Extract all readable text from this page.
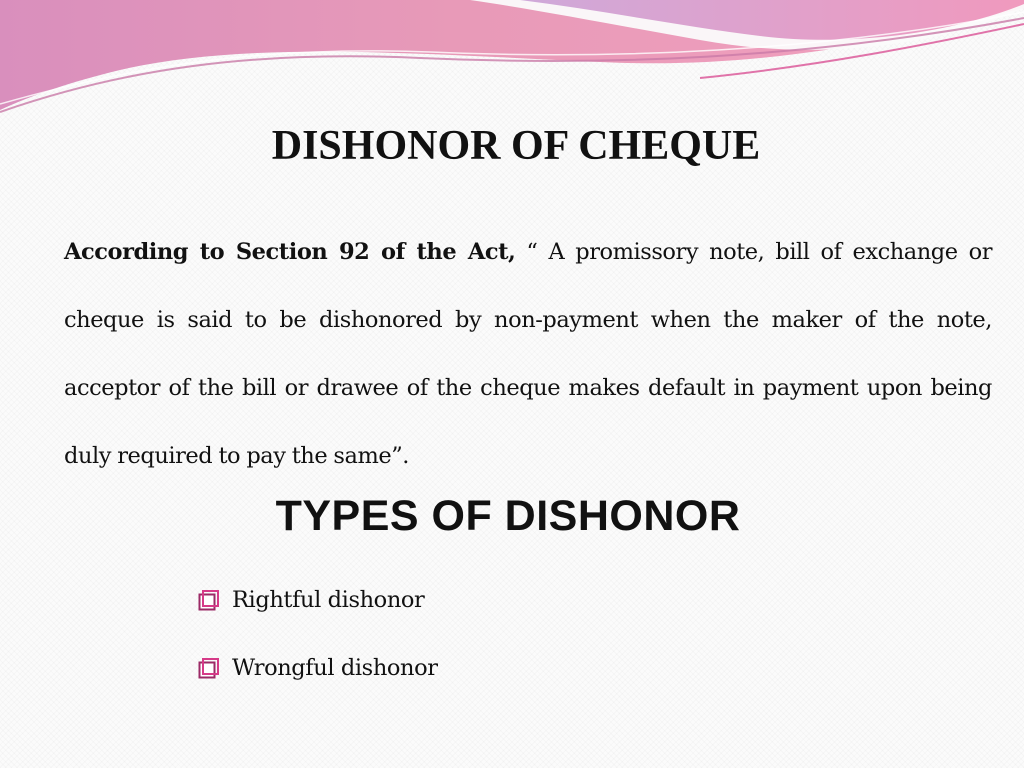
DISHONOR OF CHEQUE

According to Section 92 of the Act, “ A promissory note, bill of exchange or cheque is said to be dishonored by non-payment when the maker of the note, acceptor of the bill or drawee of the cheque makes default in payment upon being duly required to pay the same”.

TYPES OF DISHONOR
Rightful dishonor
Wrongful dishonor
